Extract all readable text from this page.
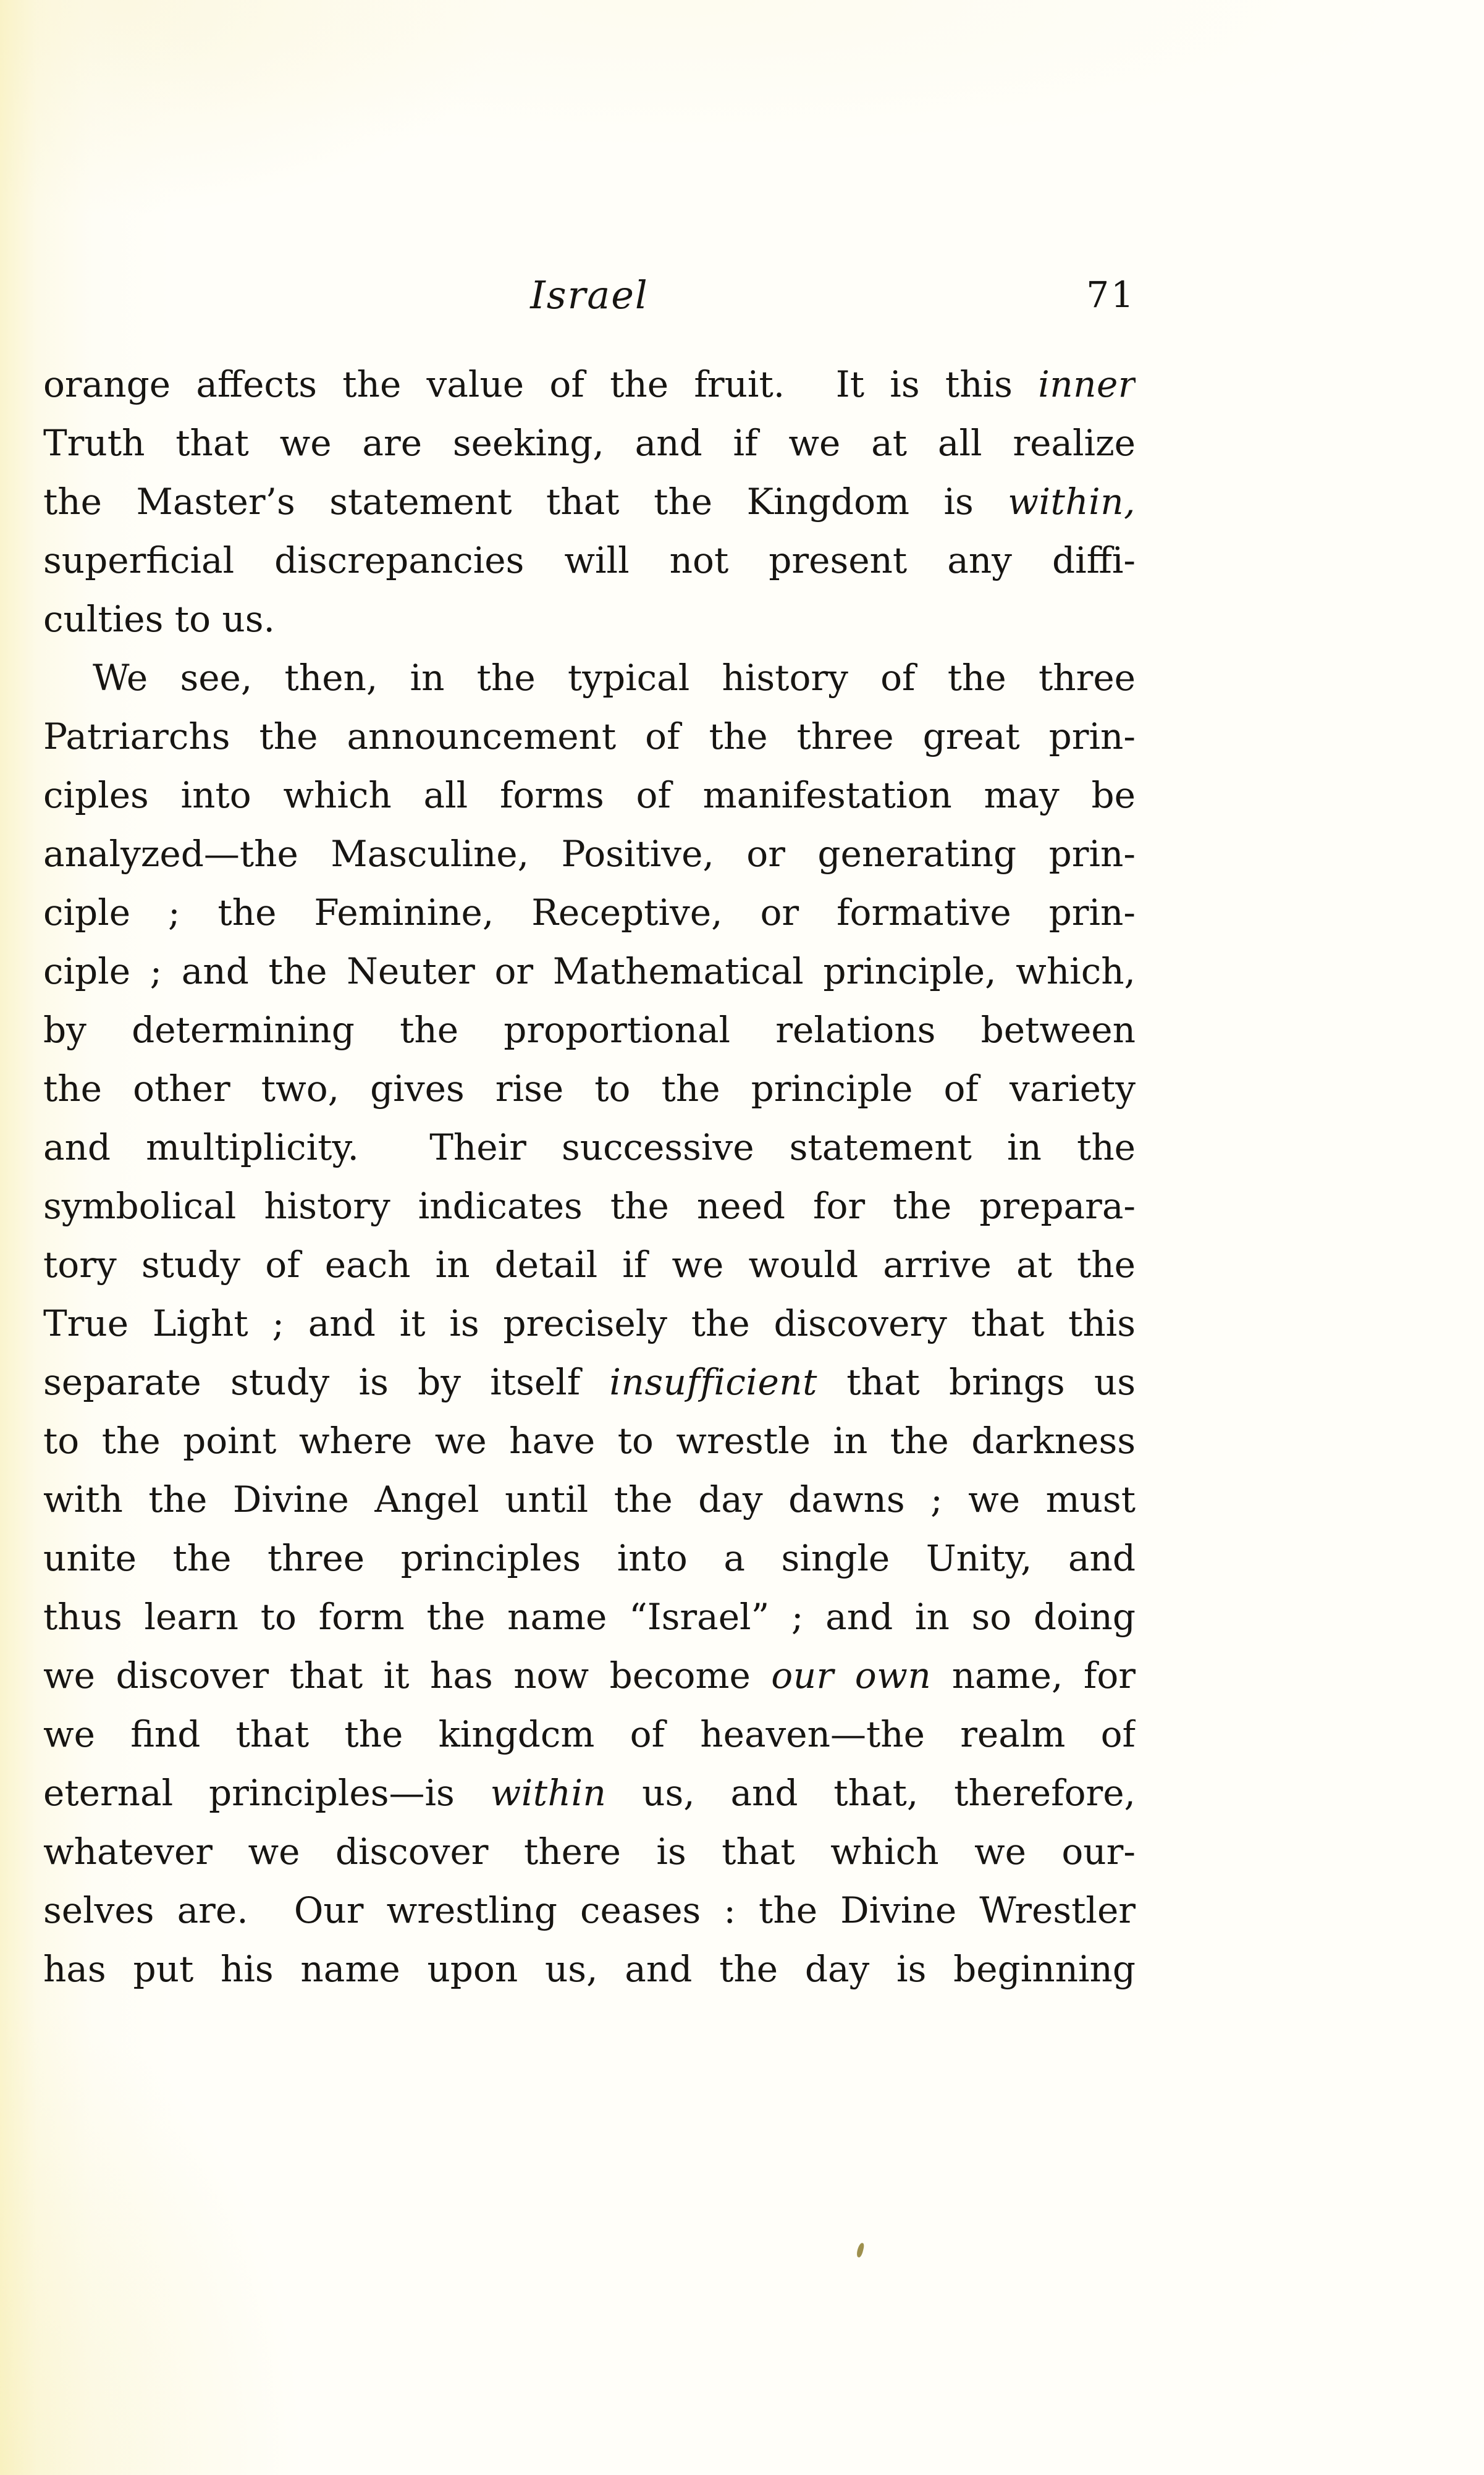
Israel	71
orange affects the value of the fruit.  It is this inner
Truth that we are seeking, and if we at all realize
the Master’s statement that the Kingdom is within,
superficial discrepancies will not present any diffi-
culties to us.
We see, then, in the typical history of the three
Patriarchs the announcement of the three great prin-
ciples into which all forms of manifestation may be
analyzed—the Masculine, Positive, or generating prin-
ciple ; the Feminine, Receptive, or formative prin-
ciple ; and the Neuter or Mathematical principle, which,
by determining the proportional relations between
the other two, gives rise to the principle of variety
and multiplicity.  Their successive statement in the
symbolical history indicates the need for the prepara-
tory study of each in detail if we would arrive at the
True Light ; and it is precisely the discovery that this
separate study is by itself insufficient that brings us
to the point where we have to wrestle in the darkness
with the Divine Angel until the day dawns ; we must
unite the three principles into a single Unity, and
thus learn to form the name “Israel” ; and in so doing
we discover that it has now become our own name, for
we find that the kingdcm of heaven—the realm of
eternal principles—is within us, and that, therefore,
whatever we discover there is that which we our-
selves are.  Our wrestling ceases : the Divine Wrestler
has put his name upon us, and the day is beginning
